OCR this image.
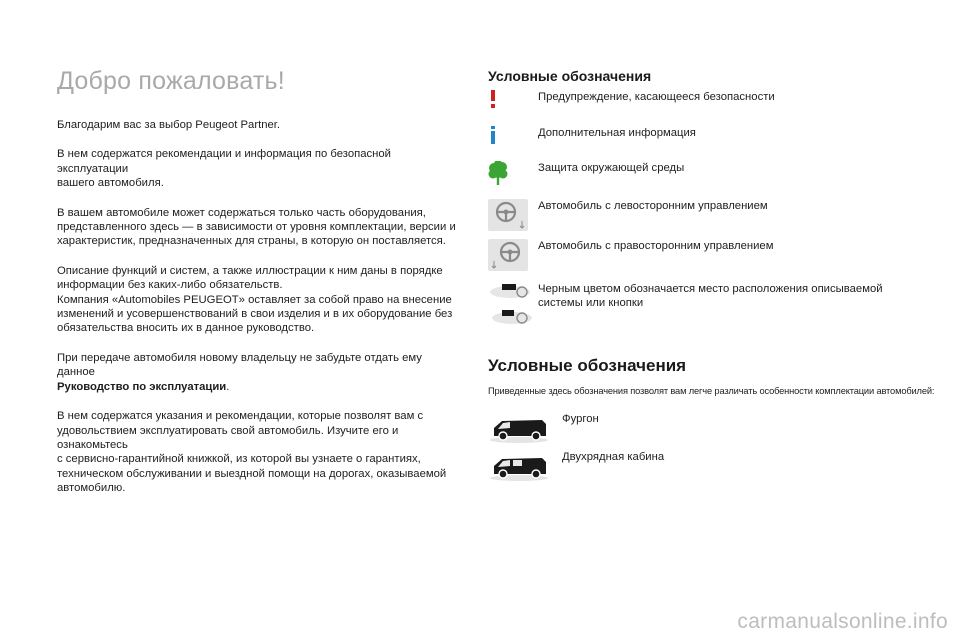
Добро пожаловать!

Благодарим вас за выбор Peugeot Partner.

В нем содержатся рекомендации и информация по безопасной эксплуатации
вашего автомобиля.

В вашем автомобиле может содержаться только часть оборудования,
представленного здесь — в зависимости от уровня комплектации, версии и
характеристик, предназначенных для страны, в которую он поставляется.

Описание функций и систем, а также иллюстрации к ним даны в порядке
информации без каких-либо обязательств.
Компания «Automobiles PEUGEOT» оставляет за собой право на внесение
изменений и усовершенствований в свои изделия и в их оборудование без
обязательства вносить их в данное руководство.

При передаче автомобиля новому владельцу не забудьте отдать ему данное
Руководство по эксплуатации.

В нем содержатся указания и рекомендации, которые позволят вам с
удовольствием эксплуатировать свой автомобиль. Изучите его и ознакомьтесь
с сервисно-гарантийной книжкой, из которой вы узнаете о гарантиях,
техническом обслуживании и выездной помощи на дорогах, оказываемой
автомобилю.

Условные обозначения
Предупреждение, касающееся безопасности
Дополнительная информация
Защита окружающей среды
Автомобиль с левосторонним управлением
Автомобиль с правосторонним управлением
Черным цветом обозначается место расположения описываемой системы или кнопки
Условные обозначения
Приведенные здесь обозначения позволят вам легче различать особенности комплектации автомобилей:
Фургон
Двухрядная кабина
carmanualsonline.info
